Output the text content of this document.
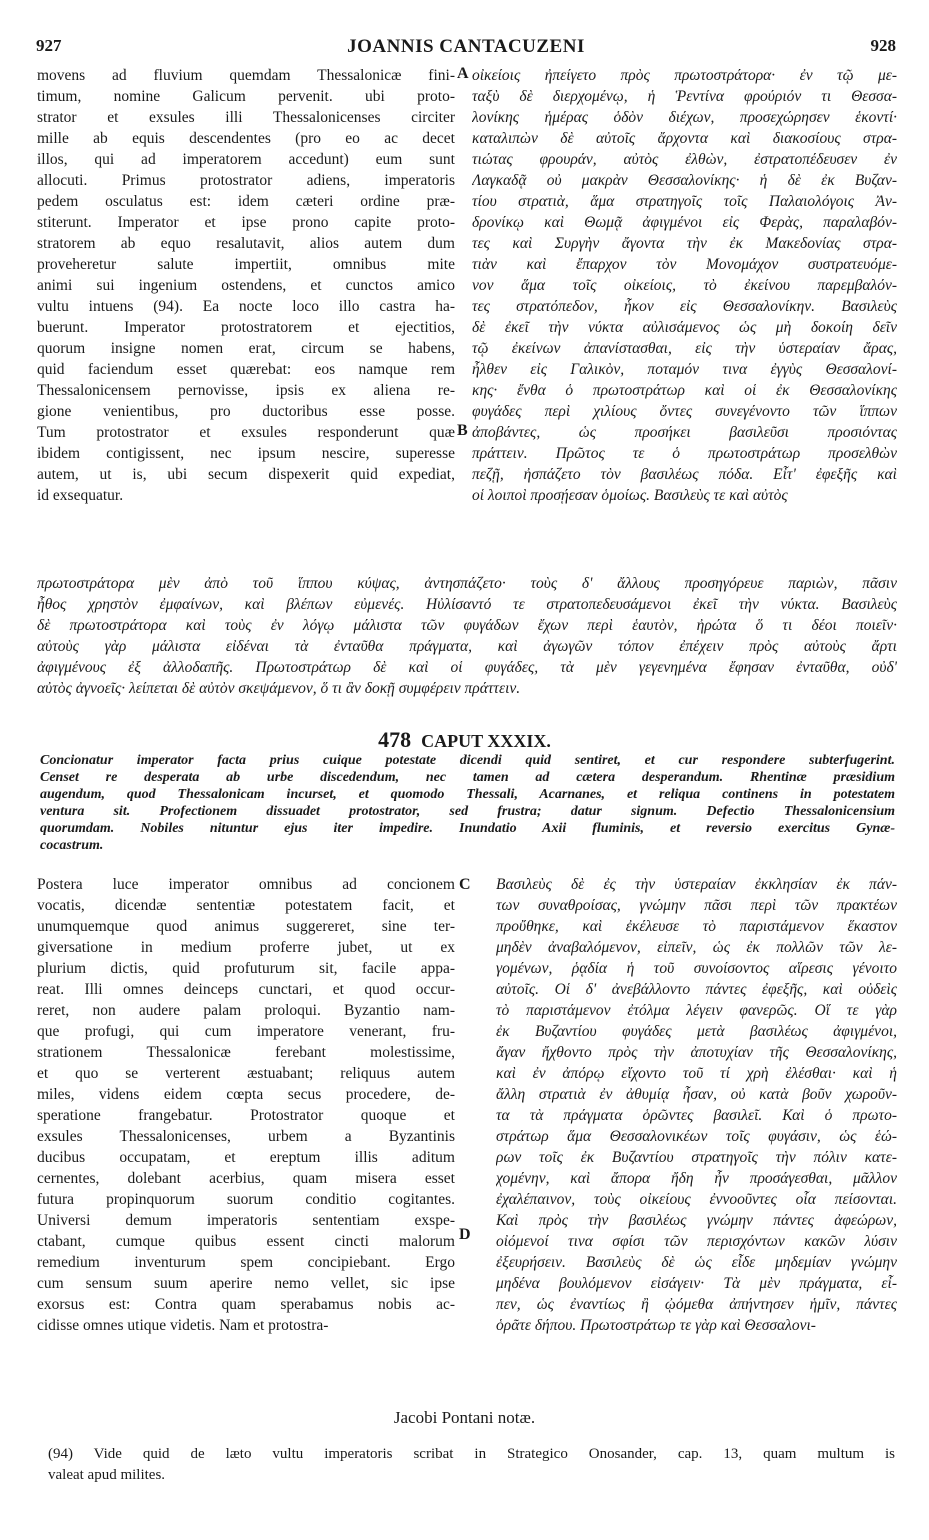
927	JOANNIS CANTACUZENI	928
movens ad fluvium quemdam Thessalonicæ fini-
timum, nomine Galicum pervenit. ubi proto-
strator et exsules illi Thessalonicenses circiter
mille ab equis descendentes (pro eo ac decet
illos, qui ad imperatorem accedunt) eum sunt
allocuti. Primus protostrator adiens, imperatoris
pedem osculatus est: idem cæteri ordine præ-
stiterunt. Imperator et ipse prono capite proto-
stratorem ab equo resalutavit, alios autem dum
proveheretur salute impertiit, omnibus mite
animi sui ingenium ostendens, et cunctos amico
vultu intuens (94). Ea nocte loco illo castra ha-
buerunt. Imperator protostratorem et ejectitios,
quorum insigne nomen erat, circum se habens,
quid faciendum esset quærebat: eos namque rem
Thessalonicensem pernovisse, ipsis ex aliena re-
gione venientibus, pro ductoribus esse posse.
Tum protostrator et exsules responderunt quæ
ibidem contigissent, nec ipsum nescire, superesse
autem, ut is, ubi secum dispexerit quid expediat,
id exsequatur.
οἰκείοις ἠπείγετο πρὸς πρωτοστράτορα· ἐν τῷ με-
ταξὺ δὲ διερχομένῳ, ἡ Ῥεντίνα φρούριόν τι Θεσσα-
λονίκης ἡμέρας ὁδὸν διέχων, προσεχώρησεν ἑκοντί·
καταλιπὼν δὲ αὐτοῖς ἄρχοντα καὶ διακοσίους στρα-
τιώτας φρουράν, αὐτὸς ἐλθὼν, ἐστρατοπέδευσεν ἐν
Λαγκαδᾷ οὐ μακρὰν Θεσσαλονίκης· ἡ δὲ ἐκ Βυζαν-
τίου στρατιὰ, ἅμα στρατηγοῖς τοῖς Παλαιολόγοις Ἀν-
δρονίκῳ καὶ Θωμᾷ ἀφιγμένοι εἰς Φερὰς, παραλαβόν-
τες καὶ Συργὴν ἄγοντα τὴν ἐκ Μακεδονίας στρα-
τιὰν καὶ ἔπαρχον τὸν Μονομάχον συστρατευόμε-
νον ἅμα τοῖς οἰκείοις, τὸ ἐκείνου παρεμβαλόν-
τες στρατόπεδον, ἧκον εἰς Θεσσαλονίκην. Βασιλεὺς
δὲ ἐκεῖ τὴν νύκτα αὐλισάμενος ὡς μὴ δοκοίη δεῖν
τῷ ἐκείνων ἀπανίστασθαι, εἰς τὴν ὑστεραίαν ἄρας,
ἦλθεν εἰς Γαλικὸν, ποταμόν τινα ἐγγὺς Θεσσαλονί-
κης· ἔνθα ὁ πρωτοστράτωρ καὶ οἱ ἐκ Θεσσαλονίκης
φυγάδες περὶ χιλίους ὄντες συνεγένοντο τῶν ἵππων
ἀποβάντες, ὡς προσήκει βασιλεῦσι προσιόντας
πράττειν. Πρῶτος τε ὁ πρωτοστράτωρ προσελθὼν
πεζῇ, ἠσπάζετο τὸν βασιλέως πόδα. Εἶτ' ἐφεξῆς καὶ
οἱ λοιποὶ προσῄεσαν ὁμοίως. Βασιλεὺς τε καὶ αὐτὸς
A
B
πρωτοστράτορα μὲν ἀπὸ τοῦ ἵππου κύψας, ἀντησπάζετο· τοὺς δ' ἄλλους προσηγόρευε παριὼν, πᾶσιν
ἦθος χρηστὸν ἐμφαίνων, καὶ βλέπων εὐμενές. Ηὐλίσαντό τε στρατοπεδευσάμενοι ἐκεῖ τὴν νύκτα. Βασιλεὺς
δὲ πρωτοστράτορα καὶ τοὺς ἐν λόγῳ μάλιστα τῶν φυγάδων ἔχων περὶ ἑαυτὸν, ἠρώτα ὅ τι δέοι ποιεῖν·
αὐτοὺς γὰρ μάλιστα εἰδέναι τὰ ἐνταῦθα πράγματα, καὶ ἀγωγῶν τόπον ἐπέχειν πρὸς αὐτοὺς ἄρτι
ἀφιγμένους ἐξ ἀλλοδαπῆς. Πρωτοστράτωρ δὲ καὶ οἱ φυγάδες, τὰ μὲν γεγενημένα ἔφησαν ἐνταῦθα, οὐδ'
αὐτὸς ἀγνοεῖς· λείπεται δὲ αὐτὸν σκεψάμενον, ὅ τι ἂν δοκῇ συμφέρειν πράττειν.
478 CAPUT XXXIX.
Concionatur imperator facta prius cuique potestate dicendi quid sentiret, et cur respondere subterfugerint.
Censet re desperata ab urbe discedendum, nec tamen ad cætera desperandum. Rhentinæ præsidium
augendum, quod Thessalonicam incurset, et quomodo Thessali, Acarnanes, et reliqua continens in potestatem
ventura sit. Profectionem dissuadet protostrator, sed frustra; datur signum. Defectio Thessalonicensium
quorumdam. Nobiles nituntur ejus iter impedire. Inundatio Axii fluminis, et reversio exercitus Gynæ-
cocastrum.
Postera luce imperator omnibus ad concionem
vocatis, dicendæ sententiæ potestatem facit, et
unumquemque quod animus suggereret, sine ter-
giversatione in medium proferre jubet, ut ex
plurium dictis, quid profuturum sit, facile appa-
reat. Illi omnes deinceps cunctari, et quod occur-
reret, non audere palam proloqui. Byzantio nam-
que profugi, qui cum imperatore venerant, fru-
strationem Thessalonicæ ferebant molestissime,
et quo se verterent æstuabant; reliquus autem
miles, videns eidem cœpta secus procedere, de-
speratione frangebatur. Protostrator quoque et
exsules Thessalonicenses, urbem a Byzantinis
ducibus occupatam, et ereptum illis aditum
cernentes, dolebant acerbius, quam misera esset
futura propinquorum suorum conditio cogitantes.
Universi demum imperatoris sententiam exspe-
ctabant, cumque quibus essent cincti malorum
remedium inventurum spem concipiebant. Ergo
cum sensum suum aperire nemo vellet, sic ipse
exorsus est: Contra quam sperabamus nobis ac-
cidisse omnes utique videtis. Nam et protostra-
Βασιλεὺς δὲ ἐς τὴν ὑστεραίαν ἐκκλησίαν ἐκ πάν-
των συναθροίσας, γνώμην πᾶσι περὶ τῶν πρακτέων
προὔθηκε, καὶ ἐκέλευσε τὸ παριστάμενον ἕκαστον
μηδὲν ἀναβαλόμενον, εἰπεῖν, ὡς ἐκ πολλῶν τῶν λε-
γομένων, ῥᾳδία ἡ τοῦ συνοίσοντος αἵρεσις γένοιτο
αὐτοῖς. Οἱ δ' ἀνεβάλλοντο πάντες ἐφεξῆς, καὶ οὐδεὶς
τὸ παριστάμενον ἐτόλμα λέγειν φανερῶς. Οἵ τε γὰρ
ἐκ Βυζαντίου φυγάδες μετὰ βασιλέως ἀφιγμένοι,
ἄγαν ἤχθοντο πρὸς τὴν ἀποτυχίαν τῆς Θεσσαλονίκης,
καὶ ἐν ἀπόρῳ εἴχοντο τοῦ τί χρὴ ἐλέσθαι· καὶ ἡ
ἄλλη στρατιὰ ἐν ἀθυμίᾳ ἦσαν, οὐ κατὰ βοῦν χωροῦν-
τα τὰ πράγματα ὁρῶντες βασιλεῖ. Καὶ ὁ πρωτο-
στράτωρ ἅμα Θεσσαλονικέων τοῖς φυγάσιν, ὡς ἑώ-
ρων τοῖς ἐκ Βυζαντίου στρατηγοῖς τὴν πόλιν κατε-
χομένην, καὶ ἄπορα ἤδη ἦν προσάγεσθαι, μᾶλλον
ἐχαλέπαινον, τοὺς οἰκείους ἐννοοῦντες οἷα πείσονται.
Καὶ πρὸς τὴν βασιλέως γνώμην πάντες ἀφεώρων,
οἰόμενοί τινα σφίσι τῶν περισχόντων κακῶν λύσιν
ἐξευρήσειν. Βασιλεὺς δὲ ὡς εἶδε μηδεμίαν γνώμην
μηδένα βουλόμενον εἰσάγειν· Τὰ μὲν πράγματα, εἶ-
πεν, ὡς ἐναντίως ἢ ᾠόμεθα ἀπήντησεν ἡμῖν, πάντες
ὁρᾶτε δήπου. Πρωτοστράτωρ τε γὰρ καὶ Θεσσαλονι-
C
D
Jacobi Pontani notæ.
(94) Vide quid de læto vultu imperatoris scribat in Strategico Onosander, cap. 13, quam multum is
valeat apud milites.
